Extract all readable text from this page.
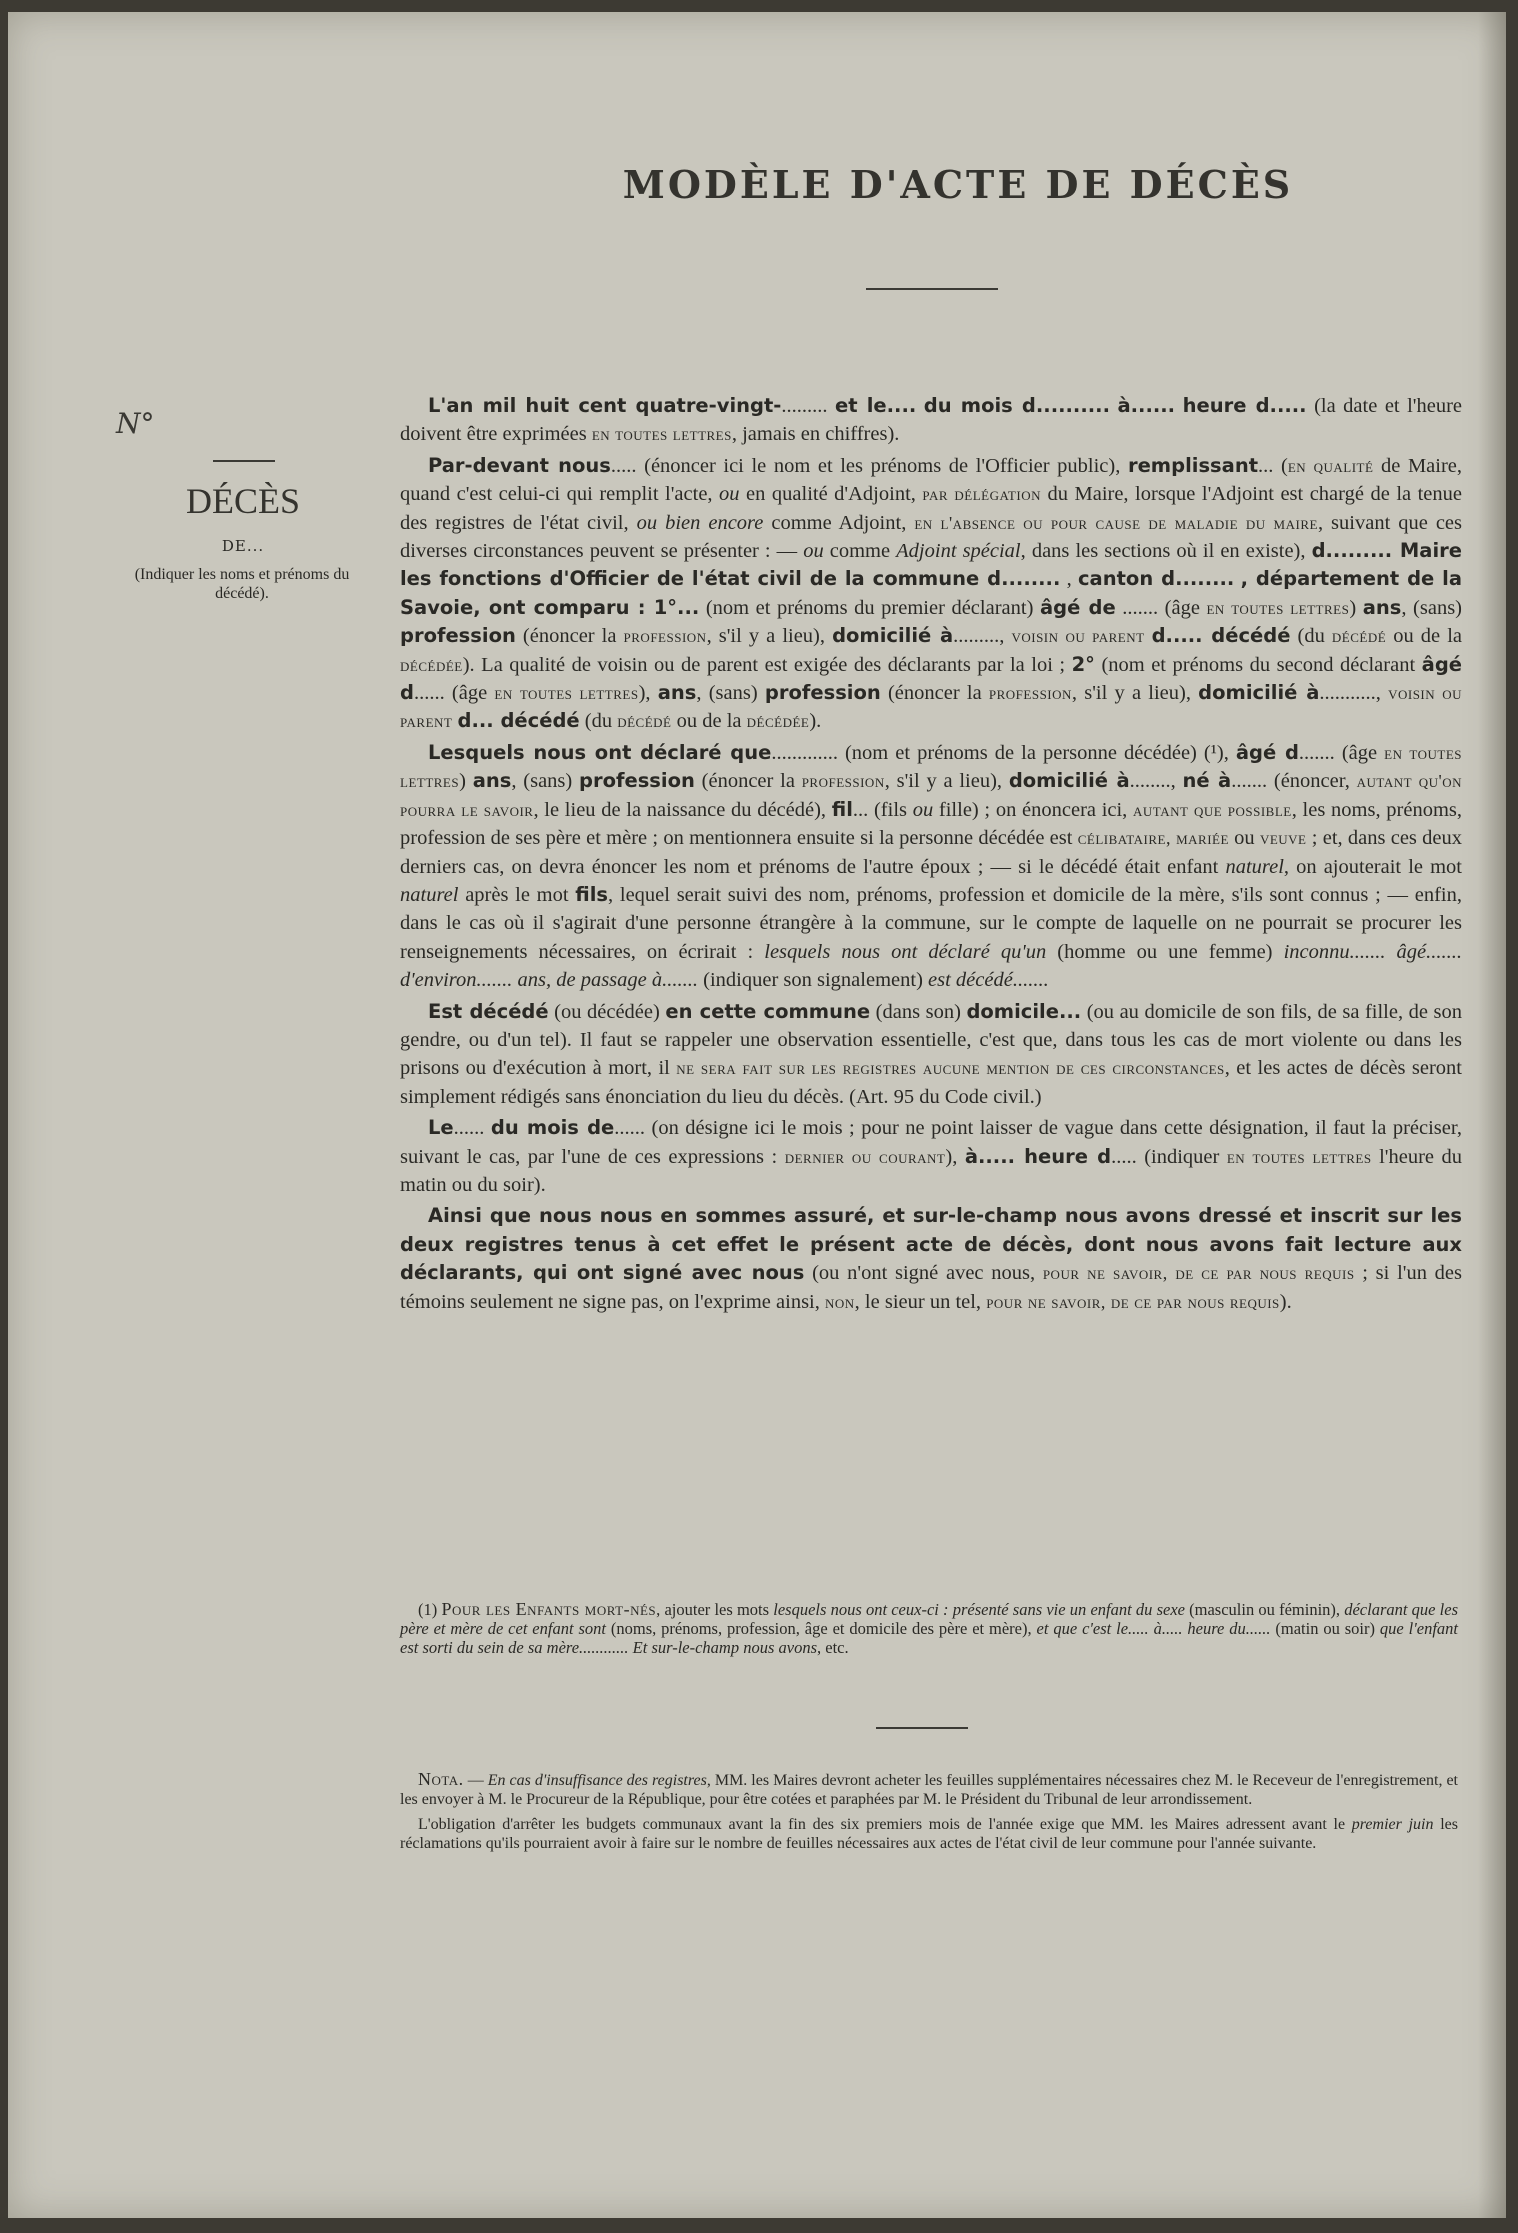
MODÈLE D'ACTE DE DÉCÈS
N°
DÉCÈS
DE...
(Indiquer les noms et prénoms du décédé).

L'an mil huit cent quatre-vingt-......... et le.... du mois d.......... à...... heure d..... (la date et l'heure doivent être exprimées en toutes lettres, jamais en chiffres).

Par-devant nous..... (énoncer ici le nom et les prénoms de l'Officier public), remplissant... (en qualité de Maire, quand c'est celui-ci qui remplit l'acte, ou en qualité d'Adjoint, par délégation du Maire, lorsque l'Adjoint est chargé de la tenue des registres de l'état civil, ou bien encore comme Adjoint, en l'absence ou pour cause de maladie du maire, suivant que ces diverses circonstances peuvent se présenter : — ou comme Adjoint spécial, dans les sections où il en existe), d......... Maire les fonctions d'Officier de l'état civil de la commune d........ , canton d........ , département de la Savoie, ont comparu : 1°... (nom et prénoms du premier déclarant) âgé de ....... (âge en toutes lettres) ans, (sans) profession (énoncer la profession, s'il y a lieu), domicilié à........., voisin ou parent d..... décédé (du décédé ou de la décédée). La qualité de voisin ou de parent est exigée des déclarants par la loi ; 2° (nom et prénoms du second déclarant âgé d...... (âge en toutes lettres), ans, (sans) profession (énoncer la profession, s'il y a lieu), domicilié à..........., voisin ou parent d... décédé (du décédé ou de la décédée).

Lesquels nous ont déclaré que............. (nom et prénoms de la personne décédée) (¹), âgé d....... (âge en toutes lettres) ans, (sans) profession (énoncer la profession, s'il y a lieu), domicilié à........, né à....... (énoncer, autant qu'on pourra le savoir, le lieu de la naissance du décédé), fil... (fils ou fille) ; on énoncera ici, autant que possible, les noms, prénoms, profession de ses père et mère ; on mentionnera ensuite si la personne décédée est célibataire, mariée ou veuve ; et, dans ces deux derniers cas, on devra énoncer les nom et prénoms de l'autre époux ; — si le décédé était enfant naturel, on ajouterait le mot naturel après le mot fils, lequel serait suivi des nom, prénoms, profession et domicile de la mère, s'ils sont connus ; — enfin, dans le cas où il s'agirait d'une personne étrangère à la commune, sur le compte de laquelle on ne pourrait se procurer les renseignements nécessaires, on écrirait : lesquels nous ont déclaré qu'un (homme ou une femme) inconnu....... âgé....... d'environ....... ans, de passage à....... (indiquer son signalement) est décédé.......

Est décédé (ou décédée) en cette commune (dans son) domicile... (ou au domicile de son fils, de sa fille, de son gendre, ou d'un tel). Il faut se rappeler une observation essentielle, c'est que, dans tous les cas de mort violente ou dans les prisons ou d'exécution à mort, il ne sera fait sur les registres aucune mention de ces circonstances, et les actes de décès seront simplement rédigés sans énonciation du lieu du décès. (Art. 95 du Code civil.)

Le...... du mois de...... (on désigne ici le mois ; pour ne point laisser de vague dans cette désignation, il faut la préciser, suivant le cas, par l'une de ces expressions : dernier ou courant), à..... heure d..... (indiquer en toutes lettres l'heure du matin ou du soir).

Ainsi que nous nous en sommes assuré, et sur-le-champ nous avons dressé et inscrit sur les deux registres tenus à cet effet le présent acte de décès, dont nous avons fait lecture aux déclarants, qui ont signé avec nous (ou n'ont signé avec nous, pour ne savoir, de ce par nous requis ; si l'un des témoins seulement ne signe pas, on l'exprime ainsi, non, le sieur un tel, pour ne savoir, de ce par nous requis).

(1) Pour les Enfants mort-nés, ajouter les mots lesquels nous ont ceux-ci : présenté sans vie un enfant du sexe (masculin ou féminin), déclarant que les père et mère de cet enfant sont (noms, prénoms, profession, âge et domicile des père et mère), et que c'est le..... à..... heure du...... (matin ou soir) que l'enfant est sorti du sein de sa mère............ Et sur-le-champ nous avons, etc.

Nota. — En cas d'insuffisance des registres, MM. les Maires devront acheter les feuilles supplémentaires nécessaires chez M. le Receveur de l'enregistrement, et les envoyer à M. le Procureur de la République, pour être cotées et paraphées par M. le Président du Tribunal de leur arrondissement.

L'obligation d'arrêter les budgets communaux avant la fin des six premiers mois de l'année exige que MM. les Maires adressent avant le premier juin les réclamations qu'ils pourraient avoir à faire sur le nombre de feuilles nécessaires aux actes de l'état civil de leur commune pour l'année suivante.
